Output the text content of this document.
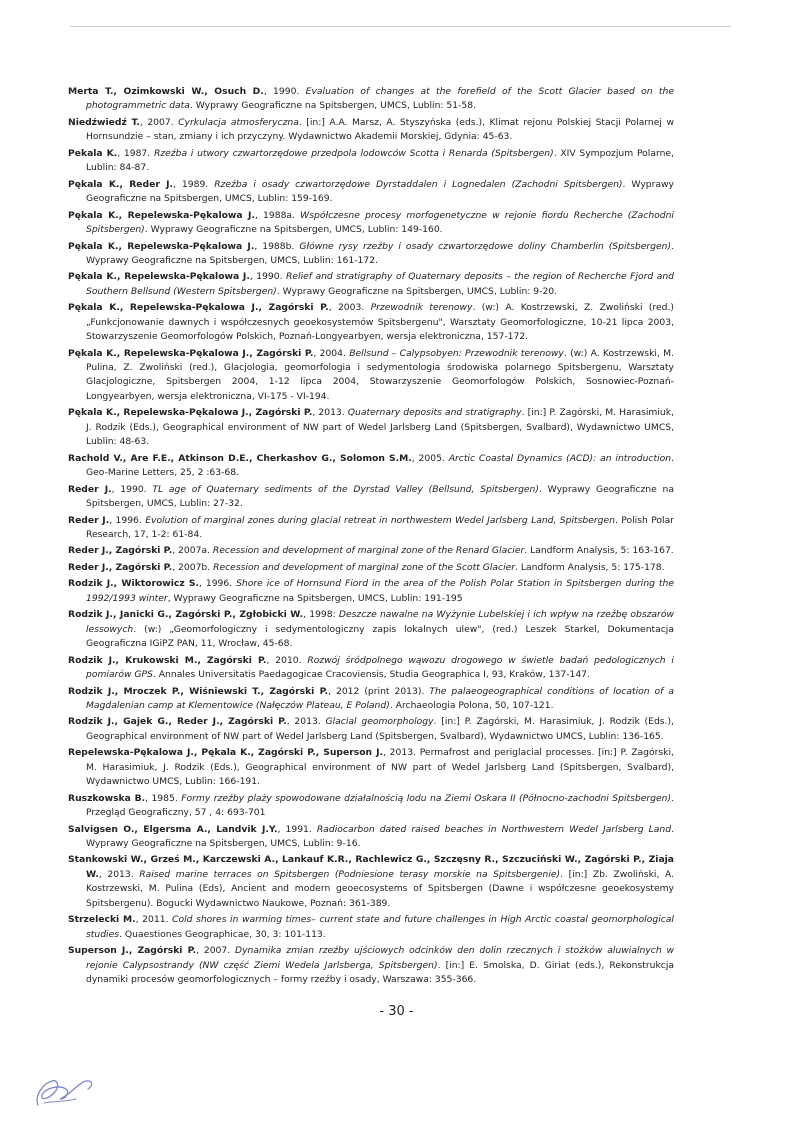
Merta T., Ozimkowski W., Osuch D., 1990. Evaluation of changes at the forefield of the Scott Glacier based on the photogrammetric data. Wyprawy Geograficzne na Spitsbergen, UMCS, Lublin: 51-58.
Niedźwiedź T., 2007. Cyrkulacja atmosferyczna. [in:] A.A. Marsz, A. Styszyńska (eds.), Klimat rejonu Polskiej Stacji Polarnej w Hornsundzie – stan, zmiany i ich przyczyny. Wydawnictwo Akademii Morskiej, Gdynia: 45-63.
Pekala K., 1987. Rzeźba i utwory czwartorzędowe przedpola lodowców Scotta i Renarda (Spitsbergen). XIV Sympozjum Polarne, Lublin: 84-87.
Pękala K., Reder J., 1989. Rzeźba i osady czwartorzędowe Dyrstaddalen i Lognedalen (Zachodni Spitsbergen). Wyprawy Geograficzne na Spitsbergen, UMCS, Lublin: 159-169.
Pękala K., Repelewska-Pękalowa J., 1988a. Współczesne procesy morfogenetyczne w rejonie fiordu Recherche (Zachodni Spitsbergen). Wyprawy Geograficzne na Spitsbergen, UMCS, Lublin: 149-160.
Pękala K., Repelewska-Pękalowa J., 1988b. Główne rysy rzeźby i osady czwartorzędowe doliny Chamberlin (Spitsbergen). Wyprawy Geograficzne na Spitsbergen, UMCS, Lublin: 161-172.
Pękala K., Repelewska-Pękalowa J., 1990. Relief and stratigraphy of Quaternary deposits – the region of Recherche Fjord and Southern Bellsund (Western Spitsbergen). Wyprawy Geograficzne na Spitsbergen, UMCS, Lublin: 9-20.
Pękala K., Repelewska-Pękalowa J., Zagórski P., 2003. Przewodnik terenowy. (w:) A. Kostrzewski, Z. Zwoliński (red.) „Funkcjonowanie dawnych i współczesnych geoekosystemów Spitsbergenu", Warsztaty Geomorfologiczne, 10-21 lipca 2003, Stowarzyszenie Geomorfologów Polskich, Poznań-Longyearbyen, wersja elektroniczna, 157-172.
Pękala K., Repelewska-Pękalowa J., Zagórski P., 2004. Bellsund – Calypsobyen: Przewodnik terenowy. (w:) A. Kostrzewski, M. Pulina, Z. Zwoliński (red.), Glacjologia, geomorfologia i sedymentologia środowiska polarnego Spitsbergenu, Warsztaty Glacjologiczne, Spitsbergen 2004, 1-12 lipca 2004, Stowarzyszenie Geomorfologów Polskich, Sosnowiec-Poznań- Longyearbyen, wersja elektroniczna, VI-175 - VI-194.
Pękala K., Repelewska-Pękalowa J., Zagórski P., 2013. Quaternary deposits and stratigraphy. [in:] P. Zagórski, M. Harasimiuk, J. Rodzik (Eds.), Geographical environment of NW part of Wedel Jarlsberg Land (Spitsbergen, Svalbard), Wydawnictwo UMCS, Lublin: 48-63.
Rachold V., Are F.E., Atkinson D.E., Cherkashov G., Solomon S.M., 2005. Arctic Coastal Dynamics (ACD): an introduction. Geo-Marine Letters, 25, 2 :63-68.
Reder J., 1990. TL age of Quaternary sediments of the Dyrstad Valley (Bellsund, Spitsbergen). Wyprawy Geograficzne na Spitsbergen, UMCS, Lublin: 27-32.
Reder J., 1996. Evolution of marginal zones during glacial retreat in northwestem Wedel Jarlsberg Land, Spitsbergen. Polish Polar Research, 17, 1-2: 61-84.
Reder J., Zagórski P., 2007a. Recession and development of marginal zone of the Renard Glacier. Landform Analysis, 5: 163-167.
Reder J., Zagórski P., 2007b. Recession and development of marginal zone of the Scott Glacier. Landform Analysis, 5: 175-178.
Rodzik J., Wiktorowicz S., 1996. Shore ice of Hornsund Fiord in the area of the Polish Polar Station in Spitsbergen during the 1992/1993 winter, Wyprawy Geograficzne na Spitsbergen, UMCS, Lublin: 191-195
Rodzik J., Janicki G., Zagórski P., Zgłobicki W., 1998: Deszcze nawalne na Wyżynie Lubelskiej i ich wpływ na rzeźbę obszarów lessowych. (w:) „Geomorfologiczny i sedymentologiczny zapis lokalnych ulew", (red.) Leszek Starkel, Dokumentacja Geograficzna IGiPZ PAN, 11, Wrocław, 45-68.
Rodzik J., Krukowski M., Zagórski P., 2010. Rozwój śródpolnego wąwozu drogowego w świetle badań pedologicznych i pomiarów GPS. Annales Universitatis Paedagogicae Cracoviensis, Studia Geographica I, 93, Kraków, 137-147.
Rodzik J., Mroczek P., Wiśniewski T., Zagórski P., 2012 (print 2013). The palaeogeographical conditions of location of a Magdalenian camp at Klementowice (Nałęczów Plateau, E Poland). Archaeologia Polona, 50, 107-121.
Rodzik J., Gajek G., Reder J., Zagórski P., 2013. Glacial geomorphology. [in:] P. Zagórski, M. Harasimiuk, J. Rodzik (Eds.), Geographical environment of NW part of Wedel Jarlsberg Land (Spitsbergen, Svalbard), Wydawnictwo UMCS, Lublin: 136-165.
Repelewska-Pękalowa J., Pękala K., Zagórski P., Superson J., 2013. Permafrost and periglacial processes. [in:] P. Zagórski, M. Harasimiuk, J. Rodzik (Eds.), Geographical environment of NW part of Wedel Jarlsberg Land (Spitsbergen, Svalbard), Wydawnictwo UMCS, Lublin: 166-191.
Ruszkowska B., 1985. Formy rzeźby plaży spowodowane działalnością lodu na Ziemi Oskara II (Północno-zachodni Spitsbergen). Przegląd Geograficzny, 57 , 4: 693-701
Salvigsen O., Elgersma A., Landvik J.Y., 1991. Radiocarbon dated raised beaches in Northwestern Wedel Jarlsberg Land. Wyprawy Geograficzne na Spitsbergen, UMCS, Lublin: 9-16.
Stankowski W., Grześ M., Karczewski A., Lankauf K.R., Rachlewicz G., Szczęsny R., Szczuciński W., Zagórski P., Ziaja W., 2013. Raised marine terraces on Spitsbergen (Podniesione terasy morskie na Spitsbergenie). [in:] Zb. Zwoliński, A. Kostrzewski, M. Pulina (Eds), Ancient and modern geoecosystems of Spitsbergen (Dawne i współczesne geoekosystemy Spitsbergenu). Bogucki Wydawnictwo Naukowe, Poznań: 361-389.
Strzelecki M., 2011. Cold shores in warming times– current state and future challenges in High Arctic coastal geomorphological studies. Quaestiones Geographicae, 30, 3: 101-113.
Superson J., Zagórski P., 2007. Dynamika zmian rzeźby ujściowych odcinków den dolin rzecznych i stożków aluwialnych w rejonie Calypsostrandy (NW część Ziemi Wedela Jarlsberga, Spitsbergen). [in:] E. Smolska, D. Giriat (eds.), Rekonstrukcja dynamiki procesów geomorfologicznych – formy rzeźby i osady, Warszawa: 355-366.
- 30 -
